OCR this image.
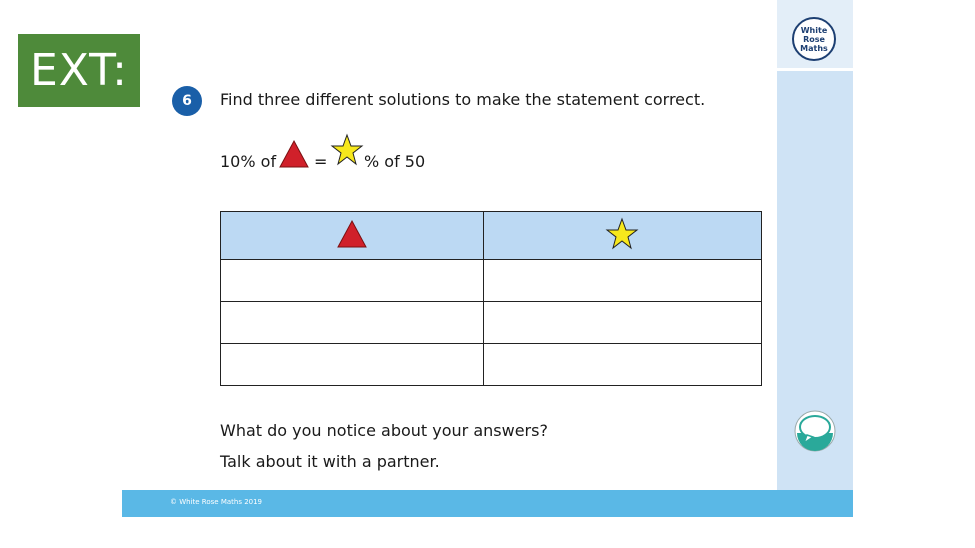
EXT:
White
Rose
Maths
6 Find three different solutions to make the statement correct.
10% of = % of 50

What do you notice about your answers?
Talk about it with a partner.
© White Rose Maths 2019
